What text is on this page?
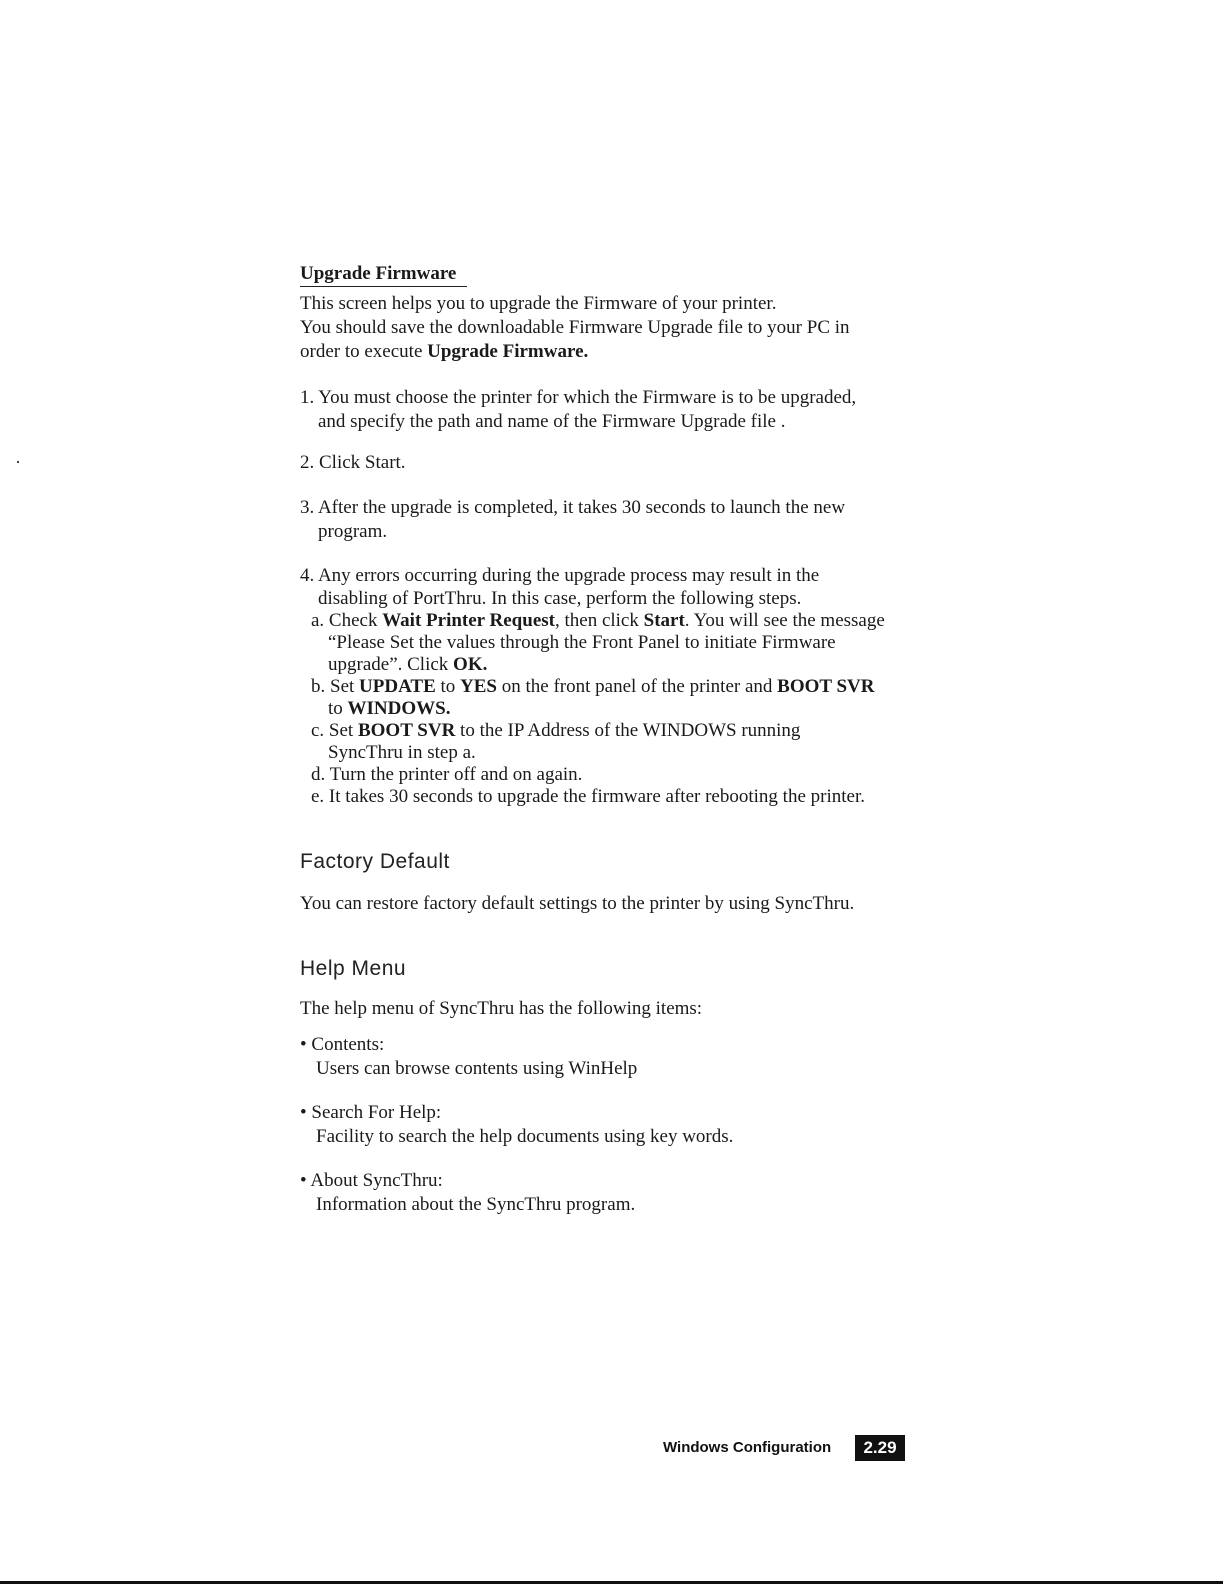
Upgrade Firmware
This screen helps you to upgrade the Firmware of your printer.
You should save the downloadable Firmware Upgrade file to your PC in
order to execute Upgrade Firmware.
1. You must choose the printer for which the Firmware is to be upgraded,
and specify the path and name of the Firmware Upgrade file .
2. Click Start.
3. After the upgrade is completed, it takes 30 seconds to launch the new
program.
4. Any errors occurring during the upgrade process may result in the
disabling of PortThru. In this case, perform the following steps.
a. Check Wait Printer Request, then click Start. You will see the message
“Please Set the values through the Front Panel to initiate Firmware
upgrade”. Click OK.
b. Set UPDATE to YES on the front panel of the printer and BOOT SVR
to WINDOWS.
c. Set BOOT SVR to the IP Address of the WINDOWS running
SyncThru in step a.
d. Turn the printer off and on again.
e. It takes 30 seconds to upgrade the firmware after rebooting the printer.
Factory Default
You can restore factory default settings to the printer by using SyncThru.
Help Menu
The help menu of SyncThru has the following items:
• Contents:
Users can browse contents using WinHelp
• Search For Help:
Facility to search the help documents using key words.
• About SyncThru:
Information about the SyncThru program.
Windows Configuration	2.29
